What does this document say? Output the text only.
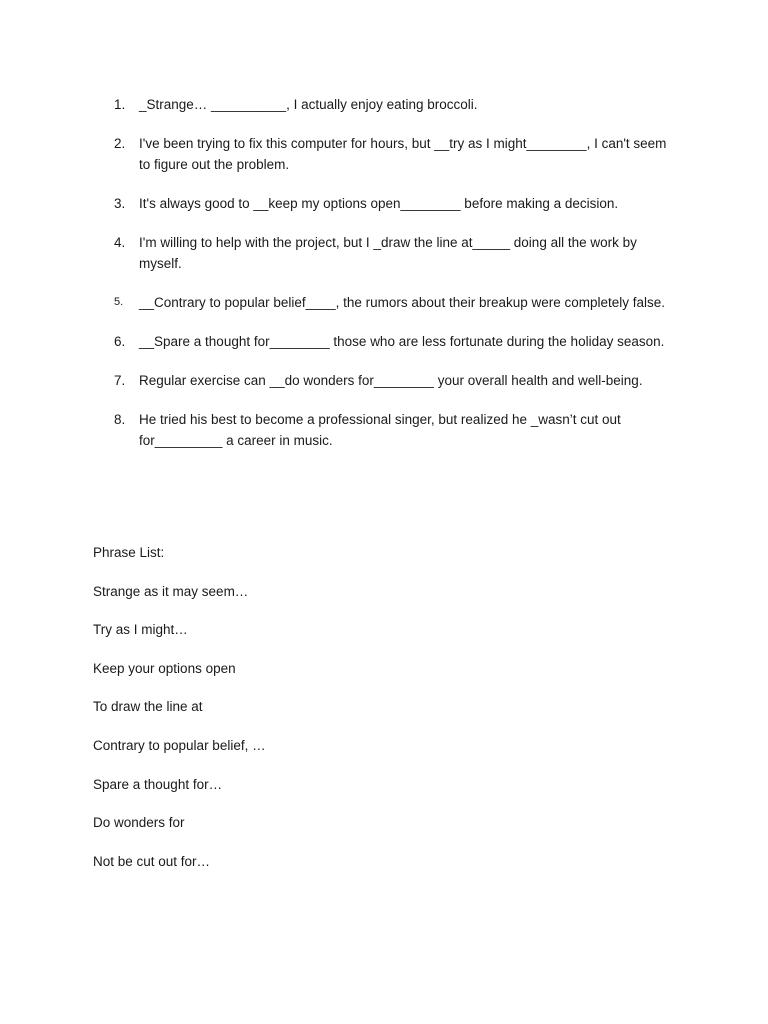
1.	_Strange… __________, I actually enjoy eating broccoli.
2.	I've been trying to fix this computer for hours, but __try as I might________, I can't seem to figure out the problem.
3.	It's always good to __keep my options open________ before making a decision.
4.	I'm willing to help with the project, but I _draw the line at_____ doing all the work by myself.
5.	__Contrary to popular belief____, the rumors about their breakup were completely false.
6.	__Spare a thought for________ those who are less fortunate during the holiday season.
7.	Regular exercise can __do wonders for________ your overall health and well-being.
8.	He tried his best to become a professional singer, but realized he _wasn’t cut out for_________ a career in music.
Phrase List:
Strange as it may seem…
Try as I might…
Keep your options open
To draw the line at
Contrary to popular belief, …
Spare a thought for…
Do wonders for
Not be cut out for…
